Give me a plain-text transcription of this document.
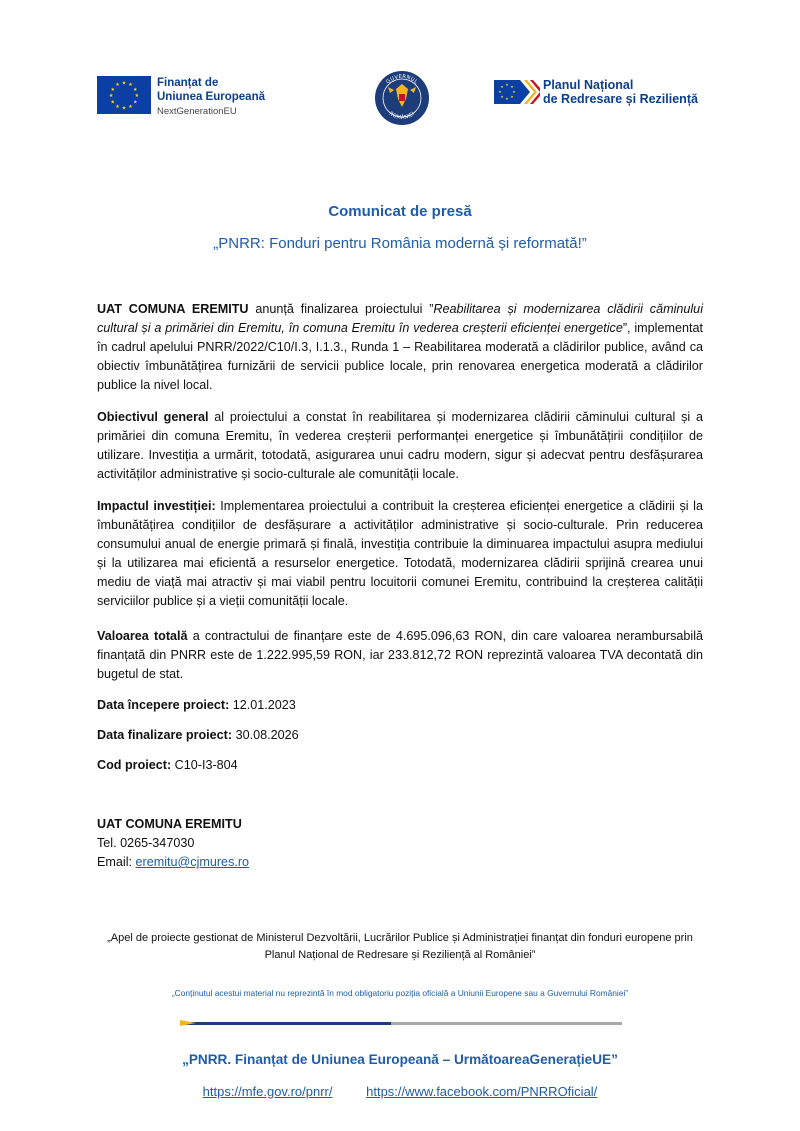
★ ★
★
★
★
★
★
★
★
★
★
★	Finanțat de
Uniunea Europeană
NextGenerationEU
GUVERNUL
ROMÂNIEI
★ ★
★
★
★
★
★
★	Planul Național
de Redresare și Reziliență
Comunicat de presă
„PNRR: Fonduri pentru România modernă și reformată!”

UAT COMUNA EREMITU anunță finalizarea proiectului ”Reabilitarea și modernizarea clădirii căminului cultural și a primăriei din Eremitu, în comuna Eremitu în vederea creșterii eficienței energetice”, implementat în cadrul apelului PNRR/2022/C10/I.3, I.1.3., Runda 1 – Reabilitarea moderată a clădirilor publice, având ca obiectiv îmbunătățirea furnizării de servicii publice locale, prin renovarea energetica moderată a clădirilor publice la nivel local.

Obiectivul general al proiectului a constat în reabilitarea și modernizarea clădirii căminului cultural și a primăriei din comuna Eremitu, în vederea creșterii performanței energetice și îmbunătățirii condițiilor de utilizare. Investiția a urmărit, totodată, asigurarea unui cadru modern, sigur și adecvat pentru desfășurarea activităților administrative și socio-culturale ale comunității locale.

Impactul investiției: Implementarea proiectului a contribuit la creșterea eficienței energetice a clădirii și la îmbunătățirea condițiilor de desfășurare a activităților administrative și socio-culturale. Prin reducerea consumului anual de energie primară și finală, investiția contribuie la diminuarea impactului asupra mediului și la utilizarea mai eficientă a resurselor energetice. Totodată, modernizarea clădirii sprijină crearea unui mediu de viață mai atractiv și mai viabil pentru locuitorii comunei Eremitu, contribuind la creșterea calității serviciilor publice și a vieții comunității locale.

Valoarea totală a contractului de finanțare este de 4.695.096,63 RON, din care valoarea nerambursabilă finanțată din PNRR este de 1.222.995,59 RON, iar 233.812,72 RON reprezintă valoarea TVA decontată din bugetul de stat.

Data începere proiect: 12.01.2023
Data finalizare proiect: 30.08.2026
Cod proiect: C10-I3-804
UAT COMUNA EREMITU
Tel. 0265-347030
Email: eremitu@cjmures.ro
„Apel de proiecte gestionat de Ministerul Dezvoltării, Lucrărilor Publice și Administrației finanțat din fonduri europene prin Planul Național de Redresare și Reziliență al României”
„Conținutul acestui material nu reprezintă în mod obligatoriu poziția oficială a Uniunii Europene sau a Guvernului României”
„PNRR. Finanțat de Uniunea Europeană – UrmătoareaGenerațieUE”
https://mfe.gov.ro/pnrr/	https://www.facebook.com/PNRROficial/
